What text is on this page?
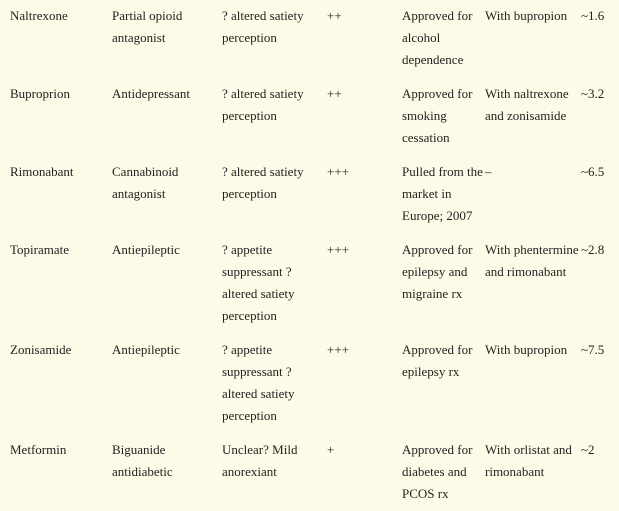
Naltrexone	Partial opioid antagonist	? altered satiety perception	++	Approved for alcohol dependence	With bupropion	~1.6
Buproprion	Antidepressant	? altered satiety perception	++	Approved for smoking cessation	With naltrexone and zonisamide	~3.2
Rimonabant	Cannabinoid antagonist	? altered satiety perception	+++	Pulled from the market in Europe; 2007	–	~6.5
Topiramate	Antiepileptic	? appetite suppressant ? altered satiety perception	+++	Approved for epilepsy and migraine rx	With phentermine and rimonabant	~2.8
Zonisamide	Antiepileptic	? appetite suppressant ? altered satiety perception	+++	Approved for epilepsy rx	With bupropion	~7.5
Metformin	Biguanide antidiabetic	Unclear? Mild anorexiant	+	Approved for diabetes and PCOS rx	With orlistat and rimonabant	~2
